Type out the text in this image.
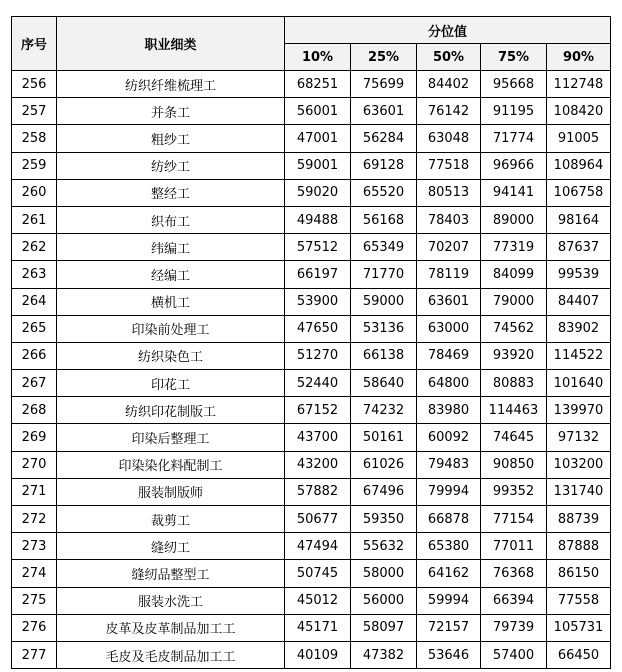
序号	职业细类	分位值				
		10%	25%	50%	75%	90%
256	纺织纤维梳理工	68251	75699	84402	95668	112748
257	并条工	56001	63601	76142	91195	108420
258	粗纱工	47001	56284	63048	71774	91005
259	纺纱工	59001	69128	77518	96966	108964
260	整经工	59020	65520	80513	94141	106758
261	织布工	49488	56168	78403	89000	98164
262	纬编工	57512	65349	70207	77319	87637
263	经编工	66197	71770	78119	84099	99539
264	横机工	53900	59000	63601	79000	84407
265	印染前处理工	47650	53136	63000	74562	83902
266	纺织染色工	51270	66138	78469	93920	114522
267	印花工	52440	58640	64800	80883	101640
268	纺织印花制版工	67152	74232	83980	114463	139970
269	印染后整理工	43700	50161	60092	74645	97132
270	印染染化料配制工	43200	61026	79483	90850	103200
271	服装制版师	57882	67496	79994	99352	131740
272	裁剪工	50677	59350	66878	77154	88739
273	缝纫工	47494	55632	65380	77011	87888
274	缝纫品整型工	50745	58000	64162	76368	86150
275	服装水洗工	45012	56000	59994	66394	77558
276	皮革及皮革制品加工工	45171	58097	72157	79739	105731
277	毛皮及毛皮制品加工工	40109	47382	53646	57400	66450
